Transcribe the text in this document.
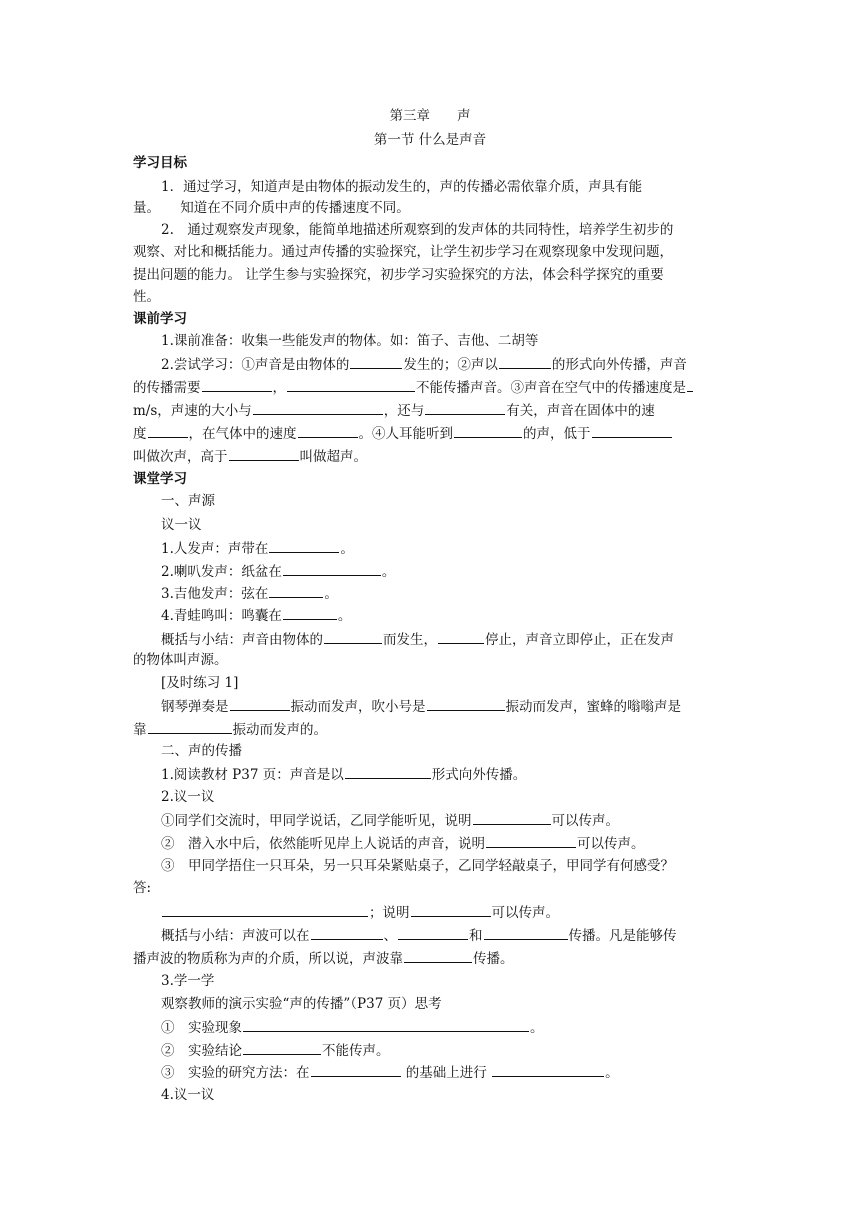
第三章　　声
第一节 什么是声音
学习目标
1．通过学习，知道声是由物体的振动发生的，声的传播必需依靠介质，声具有能
量。　　知道在不同介质中声的传播速度不同。
2.　通过观察发声现象，能简单地描述所观察到的发声体的共同特性，培养学生初步的
观察、对比和概括能力。通过声传播的实验探究，让学生初步学习在观察现象中发现问题，
提出问题的能力。 让学生参与实验探究，初步学习实验探究的方法，体会科学探究的重要
性。
课前学习
1.课前准备：收集一些能发声的物体。如：笛子、吉他、二胡等
2.尝试学习：①声音是由物体的	发生的；②声以	的形式向外传播，声音
的传播需要	，	不能传播声音。③声音在空气中的传播速度是
m/s，声速的大小与	，还与	有关，声音在固体中的速
度	，在气体中的速度	。④人耳能听到	的声，低于
叫做次声，高于	叫做超声。
课堂学习
一、声源
议一议
1.人发声：声带在	。
2.喇叭发声：纸盆在	。
3.吉他发声：弦在	。
4.青蛙鸣叫：鸣囊在	。
概括与小结：声音由物体的	而发生，	停止，声音立即停止，正在发声
的物体叫声源。
[及时练习 1]
钢琴弹奏是	振动而发声，吹小号是	振动而发声，蜜蜂的嗡嗡声是
靠	振动而发声的。
二、声的传播
1.阅读教材 P37 页：声音是以	形式向外传播。
2.议一议
①同学们交流时，甲同学说话，乙同学能听见，说明	可以传声。
②　潜入水中后，依然能听见岸上人说话的声音，说明	可以传声。
③　甲同学捂住一只耳朵，另一只耳朵紧贴桌子，乙同学轻敲桌子，甲同学有何感受？
答:
；说明	可以传声。
概括与小结：声波可以在	、	和	传播。凡是能够传
播声波的物质称为声的介质，所以说，声波靠	传播。
3.学一学
观察教师的演示实验“声的传播”（P37 页）思考
①　实验现象	。
②　实验结论	不能传声。
③　实验的研究方法：在	的基础上进行	。
4.议一议
